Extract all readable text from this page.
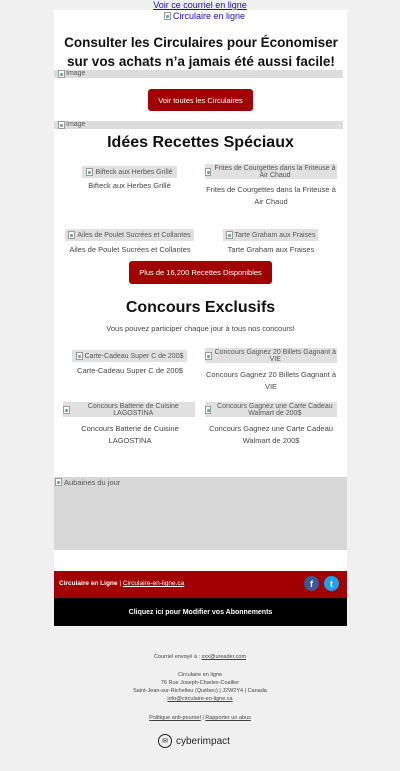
Voir ce courriel en ligne
Circulaire en ligne
Consulter les Circulaires pour Économiser sur vos achats n’a jamais été aussi facile!
Image
Voir toutes les Circulaires
Image
Idées Recettes Spéciaux
Bifteck aux Herbes Grillé
Bifteck aux Herbes Grillé
Frites de Courgettes dans la Friteuse à Air Chaud
Frites de Courgettes dans la Friteuse à Air Chaud
Ailes de Poulet Sucrées et Collantes
Ailes de Poulet Sucrées et Collantes
Tarte Graham aux Fraises
Tarte Graham aux Fraises
Plus de 16,200 Recettes Disponibles
Concours Exclusifs
Vous pouvez participer chaque jour à tous nos concours!
Carte-Cadeau Super C de 200$
Carte-Cadeau Super C de 200$
Concours Gagnez 20 Billets Gagnant à VIE
Concours Gagnez 20 Billets Gagnant à VIE
Concours Batterie de Cuisine LAGOSTINA
Concours Batterie de Cuisine LAGOSTINA
Concours Gagnez une Carte Cadeau Walmart de 200$
Concours Gagnez une Carte Cadeau Walmart de 200$
Aubaines du jour
Circulaire en Ligne | Circulaire-en-ligne.ca	f t
Cliquez ici pour Modifier vos Abonnements
Courriel envoyé à : xxx@ureader.com
Circulaire en ligne
76 Rue Joseph-Charles-Coallier
Saint-Jean-sur-Richelieu (Québec) | J2W2Y4 | Canada
info@circulaire-en-ligne.ca
Politique anti-pourriel | Rapporter un abus
✉ cyberimpact
